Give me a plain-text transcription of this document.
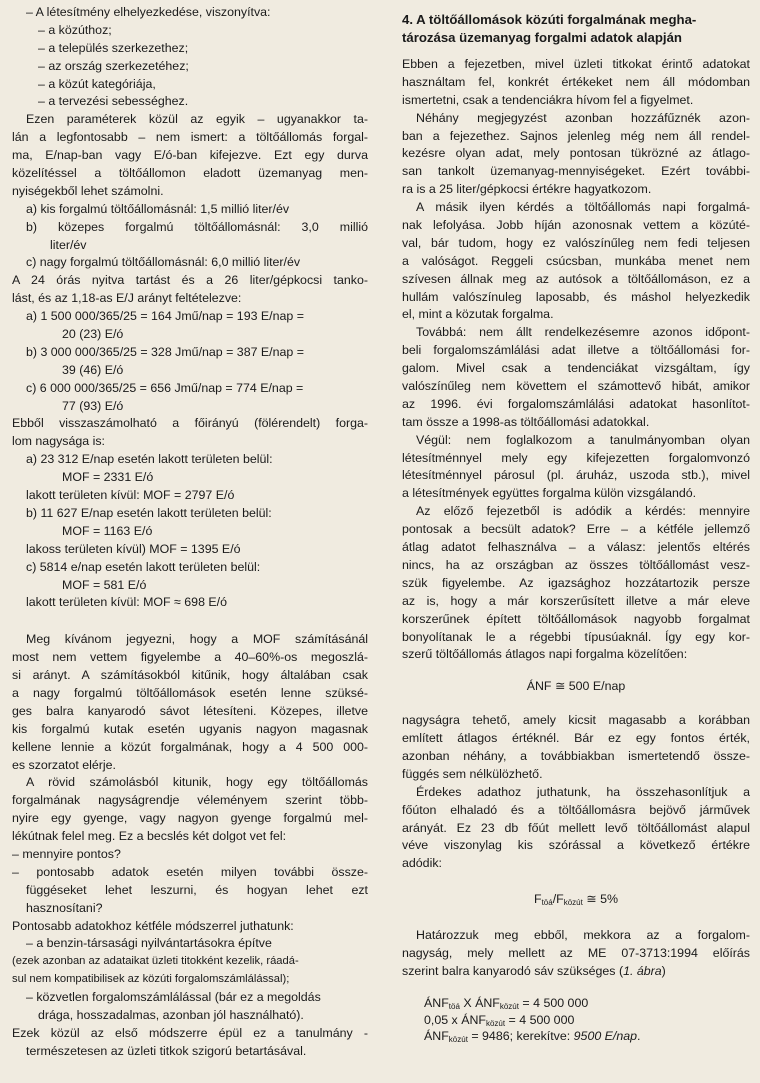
– A létesítmény elhelyezkedése, viszonyítva:
– a közúthoz;
– a település szerkezethez;
– az ország szerkezetéhez;
– a közút kategóriája,
– a tervezési sebességhez.
Ezen paraméterek közül az egyik – ugyanakkor ta-
lán a legfontosabb – nem ismert: a töltőállomás forgal-
ma, E/nap-ban vagy E/ó-ban kifejezve. Ezt egy durva
közelítéssel a töltőállomon eladott üzemanyag men-
nyiségekből lehet számolni.
a) kis forgalmú töltőállomásnál: 1,5 millió liter/év
b) közepes forgalmú töltőállomásnál: 3,0 millió
liter/év
c) nagy forgalmú töltőállomásnál: 6,0 millió liter/év
A 24 órás nyitva tartást és a 26 liter/gépkocsi tanko-
lást, és az 1,18-as E/J arányt feltételezve:
a) 1 500 000/365/25 = 164 Jmű/nap = 193 E/nap =
20 (23) E/ó
b) 3 000 000/365/25 = 328 Jmű/nap = 387 E/nap =
39 (46) E/ó
c) 6 000 000/365/25 = 656 Jmű/nap = 774 E/nap =
77 (93) E/ó
Ebből visszaszámolható a főirányú (fölérendelt) forga-
lom nagysága is:
a) 23 312 E/nap esetén lakott területen belül:
MOF = 2331 E/ó
lakott területen kívül: MOF = 2797 E/ó
b) 11 627 E/nap esetén lakott területen belül:
MOF = 1163 E/ó
lakoss területen kívül) MOF = 1395 E/ó
c) 5814 e/nap esetén lakott területen belül:
MOF = 581 E/ó
lakott területen kívül: MOF ≈ 698 E/ó
Meg kívánom jegyezni, hogy a MOF számításánál
most nem vettem figyelembe a 40–60%-os megoszlá-
si arányt. A számításokból kitűnik, hogy általában csak
a nagy forgalmú töltőállomások esetén lenne szüksé-
ges balra kanyarodó sávot létesíteni. Közepes, illetve
kis forgalmú kutak esetén ugyanis nagyon magasnak
kellene lennie a közút forgalmának, hogy a 4 500 000-
es szorzatot elérje.
A rövid számolásból kitunik, hogy egy töltőállomás
forgalmának nagyságrendje véleményem szerint több-
nyire egy gyenge, vagy nagyon gyenge forgalmú mel-
lékútnak felel meg. Ez a becslés két dolgot vet fel:
– mennyire pontos?
– pontosabb adatok esetén milyen további össze-
függéseket lehet leszurni, és hogyan lehet ezt
hasznosítani?
Pontosabb adatokhoz kétféle módszerrel juthatunk:
– a benzin-társasági nyilvántartásokra építve
(ezek azonban az adataikat üzleti titokként kezelik, ráadá-
sul nem kompatibilisek az közúti forgalomszámlálással);
– közvetlen forgalomszámlálással (bár ez a megoldás
drága, hosszadalmas, azonban jól használható).
Ezek közül az első módszerre épül ez a tanulmány -
természetesen az üzleti titkok szigorú betartásával.
4. A töltőállomások közúti forgalmának megha-
tározása üzemanyag forgalmi adatok alapján
Ebben a fejezetben, mivel üzleti titkokat érintő adatokat
használtam fel, konkrét értékeket nem áll módomban
ismertetni, csak a tendenciákra hívom fel a figyelmet.
Néhány megjegyzést azonban hozzáfűznék azon-
ban a fejezethez. Sajnos jelenleg még nem áll rendel-
kezésre olyan adat, mely pontosan tükrözné az átlago-
san tankolt üzemanyag-mennyiségeket. Ezért további-
ra is a 25 liter/gépkocsi értékre hagyatkozom.
A másik ilyen kérdés a töltőállomás napi forgalmá-
nak lefolyása. Jobb híján azonosnak vettem a közúté-
val, bár tudom, hogy ez valószínűleg nem fedi teljesen
a valóságot. Reggeli csúcsban, munkába menet nem
szívesen állnak meg az autósok a töltőállomáson, ez a
hullám valószínuleg laposabb, és máshol helyezkedik
el, mint a közutak forgalma.
Továbbá: nem állt rendelkezésemre azonos időpont-
beli forgalomszámlálási adat illetve a töltőállomási for-
galom. Mivel csak a tendenciákat vizsgáltam, így
valószínűleg nem követtem el számottevő hibát, amikor
az 1996. évi forgalomszámlálási adatokat hasonlítot-
tam össze a 1998-as töltőállomási adatokkal.
Végül: nem foglalkozom a tanulmányomban olyan
létesítménnyel mely egy kifejezetten forgalomvonzó
létesítménnyel párosul (pl. áruház, uszoda stb.), mivel
a létesítmények együttes forgalma külön vizsgálandó.
Az előző fejezetből is adódik a kérdés: mennyire
pontosak a becsült adatok? Erre – a kétféle jellemző
átlag adatot felhasználva – a válasz: jelentős eltérés
nincs, ha az országban az összes töltőállomást vesz-
szük figyelembe. Az igazsághoz hozzátartozik persze
az is, hogy a már korszerűsített illetve a már eleve
korszerűnek épített töltőállomások nagyobb forgalmat
bonyolítanak le a régebbi típusúaknál. Így egy kor-
szerű töltőállomás átlagos napi forgalma közelítően:
ÁNF ≅ 500 E/nap
nagyságra tehető, amely kicsit magasabb a korábban
említett átlagos értéknél. Bár ez egy fontos érték,
azonban néhány, a továbbiakban ismertetendő össze-
függés sem nélkülözhető.
Érdekes adathoz juthatunk, ha összehasonlítjuk a
főúton elhaladó és a töltőállomásra bejövő járművek
arányát. Ez 23 db főút mellett levő töltőállomást alapul
véve viszonylag kis szórással a következő értékre
adódik:
$F_{töá}/F_{közút}$ ≅ 5%
Határozzuk meg ebből, mekkora az a forgalom-
nagyság, mely mellett az ME 07-3713:1994 előírás
szerint balra kanyarodó sáv szükséges (1. ábra)
$ÁNF_{töá}$ X $ÁNF_{közút} = 4$ 500 000
0,05 x $ÁNF_{közút} = 4$ 500 000
$ÁNF_{közút} = 9486$; kerekítve: 9500 E/nap.
